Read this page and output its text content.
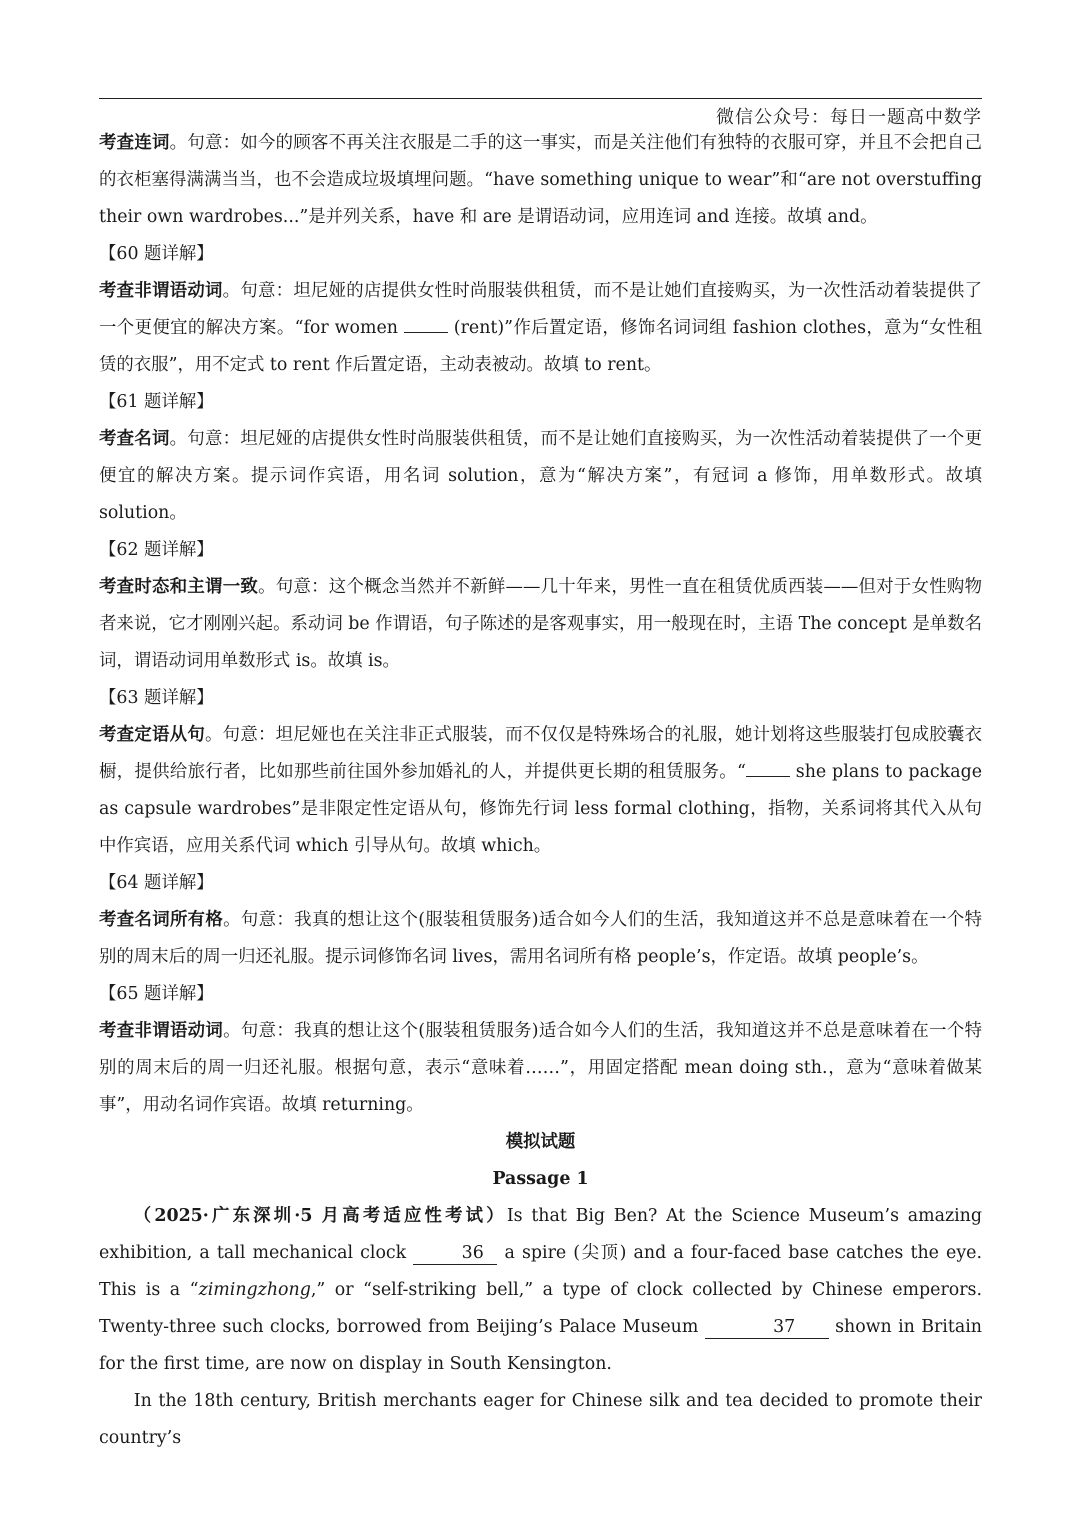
微信公众号：每日一题高中数学

考查连词。句意：如今的顾客不再关注衣服是二手的这一事实，而是关注他们有独特的衣服可穿，并且不会把自己的衣柜塞得满满当当，也不会造成垃圾填埋问题。“have something unique to wear”和“are not overstuffing their own wardrobes...”是并列关系，have 和 are 是谓语动词，应用连词 and 连接。故填 and。

【60 题详解】

考查非谓语动词。句意：坦尼娅的店提供女性时尚服装供租赁，而不是让她们直接购买，为一次性活动着装提供了一个更便宜的解决方案。“for women	(rent)”作后置定语，修饰名词词组 fashion clothes，意为“女性租赁的衣服”，用不定式 to rent 作后置定语，主动表被动。故填 to rent。

【61 题详解】

考查名词。句意：坦尼娅的店提供女性时尚服装供租赁，而不是让她们直接购买，为一次性活动着装提供了一个更便宜的解决方案。提示词作宾语，用名词 solution，意为“解决方案”，有冠词 a 修饰，用单数形式。故填 solution。

【62 题详解】

考查时态和主谓一致。句意：这个概念当然并不新鲜——几十年来，男性一直在租赁优质西装——但对于女性购物者来说，它才刚刚兴起。系动词 be 作谓语，句子陈述的是客观事实，用一般现在时，主语 The concept 是单数名词，谓语动词用单数形式 is。故填 is。

【63 题详解】

考查定语从句。句意：坦尼娅也在关注非正式服装，而不仅仅是特殊场合的礼服，她计划将这些服装打包成胶囊衣橱，提供给旅行者，比如那些前往国外参加婚礼的人，并提供更长期的租赁服务。“	she plans to package as capsule wardrobes”是非限定性定语从句，修饰先行词 less formal clothing，指物，关系词将其代入从句中作宾语，应用关系代词 which 引导从句。故填 which。

【64 题详解】

考查名词所有格。句意：我真的想让这个(服装租赁服务)适合如今人们的生活，我知道这并不总是意味着在一个特别的周末后的周一归还礼服。提示词修饰名词 lives，需用名词所有格 people’s，作定语。故填 people’s。

【65 题详解】

考查非谓语动词。句意：我真的想让这个(服装租赁服务)适合如今人们的生活，我知道这并不总是意味着在一个特别的周末后的周一归还礼服。根据句意，表示“意味着……”，用固定搭配 mean doing sth.，意为“意味着做某事”，用动名词作宾语。故填 returning。

模拟试题

Passage 1

（2025·广东深圳·5 月高考适应性考试）Is that Big Ben? At the Science Museum’s amazing exhibition, a tall mechanical clock	36 a spire (尖顶) and a four-faced base catches the eye. This is a “zimingzhong,” or “self-striking bell,” a type of clock collected by Chinese emperors. Twenty-three such clocks, borrowed from Beijing’s Palace Museum	37 shown in Britain for the first time, are now on display in South Kensington.

In the 18th century, British merchants eager for Chinese silk and tea decided to promote their country’s
